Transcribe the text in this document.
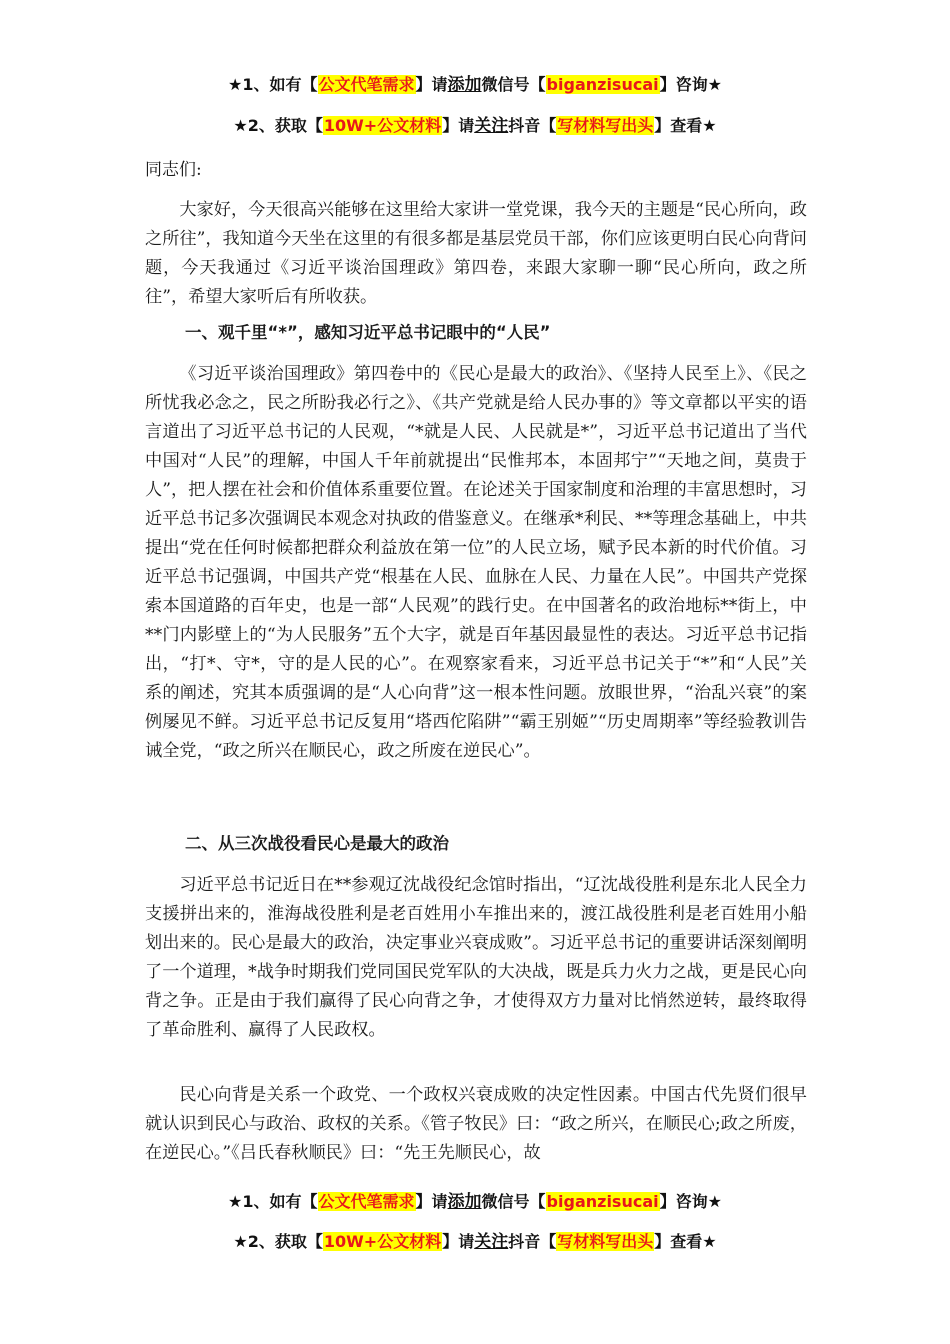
★1、如有【公文代笔需求】请添加微信号【biganzisucai】咨询★
★2、获取【10W+公文材料】请关注抖音【写材料写出头】查看★
同志们:

大家好，今天很高兴能够在这里给大家讲一堂党课，我今天的主题是“民心所向，政之所往”，我知道今天坐在这里的有很多都是基层党员干部，你们应该更明白民心向背问题，今天我通过《习近平谈治国理政》第四卷，来跟大家聊一聊“民心所向，政之所往”，希望大家听后有所收获。

一、观千里“*”，感知习近平总书记眼中的“人民”

《习近平谈治国理政》第四卷中的《民心是最大的政治》、《坚持人民至上》、《民之所忧我必念之，民之所盼我必行之》、《共产党就是给人民办事的》等文章都以平实的语言道出了习近平总书记的人民观，“*就是人民、人民就是*”，习近平总书记道出了当代中国对“人民”的理解，中国人千年前就提出“民惟邦本，本固邦宁”“天地之间，莫贵于人”，把人摆在社会和价值体系重要位置。在论述关于国家制度和治理的丰富思想时，习近平总书记多次强调民本观念对执政的借鉴意义。在继承*利民、**等理念基础上，中共提出“党在任何时候都把群众利益放在第一位”的人民立场，赋予民本新的时代价值。习近平总书记强调，中国共产党“根基在人民、血脉在人民、力量在人民”。中国共产党探索本国道路的百年史，也是一部“人民观”的践行史。在中国著名的政治地标**街上，中**门内影壁上的“为人民服务”五个大字，就是百年基因最显性的表达。习近平总书记指出，“打*、守*，守的是人民的心”。在观察家看来，习近平总书记关于“*”和“人民”关系的阐述，究其本质强调的是“人心向背”这一根本性问题。放眼世界，“治乱兴衰”的案例屡见不鲜。习近平总书记反复用“塔西佗陷阱”“霸王别姬”“历史周期率”等经验教训告诫全党，“政之所兴在顺民心，政之所废在逆民心”。

二、从三次战役看民心是最大的政治

习近平总书记近日在**参观辽沈战役纪念馆时指出，“辽沈战役胜利是东北人民全力支援拼出来的，淮海战役胜利是老百姓用小车推出来的，渡江战役胜利是老百姓用小船划出来的。民心是最大的政治，决定事业兴衰成败”。习近平总书记的重要讲话深刻阐明了一个道理，*战争时期我们党同国民党军队的大决战，既是兵力火力之战，更是民心向背之争。正是由于我们赢得了民心向背之争，才使得双方力量对比悄然逆转，最终取得了革命胜利、赢得了人民政权。

民心向背是关系一个政党、一个政权兴衰成败的决定性因素。中国古代先贤们很早就认识到民心与政治、政权的关系。《管子牧民》曰：“政之所兴，在顺民心;政之所废，在逆民心。”《吕氏春秋顺民》曰：“先王先顺民心，故

★1、如有【公文代笔需求】请添加微信号【biganzisucai】咨询★
★2、获取【10W+公文材料】请关注抖音【写材料写出头】查看★
